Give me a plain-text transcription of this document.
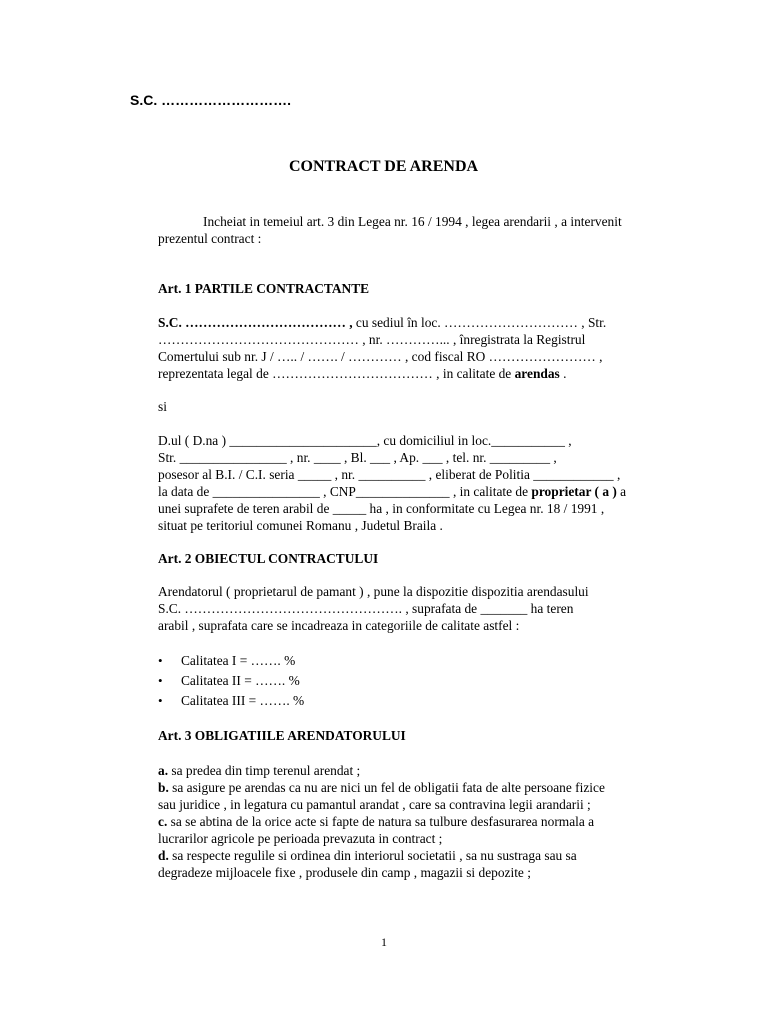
S.C. ……………………….
CONTRACT DE ARENDA
Incheiat in temeiul art. 3 din Legea nr. 16 / 1994 , legea arendarii , a intervenit
prezentul contract :
Art. 1 PARTILE CONTRACTANTE
S.C. ……………………………… , cu sediul în loc. ………………………… , Str.
……………………………………… , nr. …………... , înregistrata la Registrul
Comertului sub nr. J / ….. / ……. / ………… , cod fiscal RO …………………… ,
reprezentata legal de ……………………………… , in calitate de arendas .
si
D.ul ( D.na ) ______________________, cu domiciliul in loc.___________ ,
Str. ________________ , nr. ____ , Bl. ___ , Ap. ___ , tel. nr. _________ ,
posesor al B.I. / C.I. seria _____ , nr. __________ , eliberat de Politia ____________ ,
la data de ________________ , CNP______________ , in calitate de proprietar ( a ) a
unei suprafete de teren arabil de _____ ha , in conformitate cu Legea nr. 18 / 1991 ,
situat pe teritoriul comunei Romanu , Judetul Braila .
Art. 2 OBIECTUL CONTRACTULUI
Arendatorul ( proprietarul de pamant ) , pune la dispozitie dispozitia arendasului
S.C. …………………………………………. , suprafata de _______ ha teren
arabil , suprafata care se incadreaza in categoriile de calitate astfel :
• Calitatea I = ……. %
• Calitatea II = ……. %
• Calitatea III = ……. %
Art. 3 OBLIGATIILE ARENDATORULUI
a. sa predea din timp terenul arendat ;
b. sa asigure pe arendas ca nu are nici un fel de obligatii fata de alte persoane fizice
sau juridice , in legatura cu pamantul arandat , care sa contravina legii arandarii ;
c. sa se abtina de la orice acte si fapte de natura sa tulbure desfasurarea normala a
lucrarilor agricole pe perioada prevazuta in contract ;
d. sa respecte regulile si ordinea din interiorul societatii , sa nu sustraga sau sa
degradeze mijloacele fixe , produsele din camp , magazii si depozite ;
1
